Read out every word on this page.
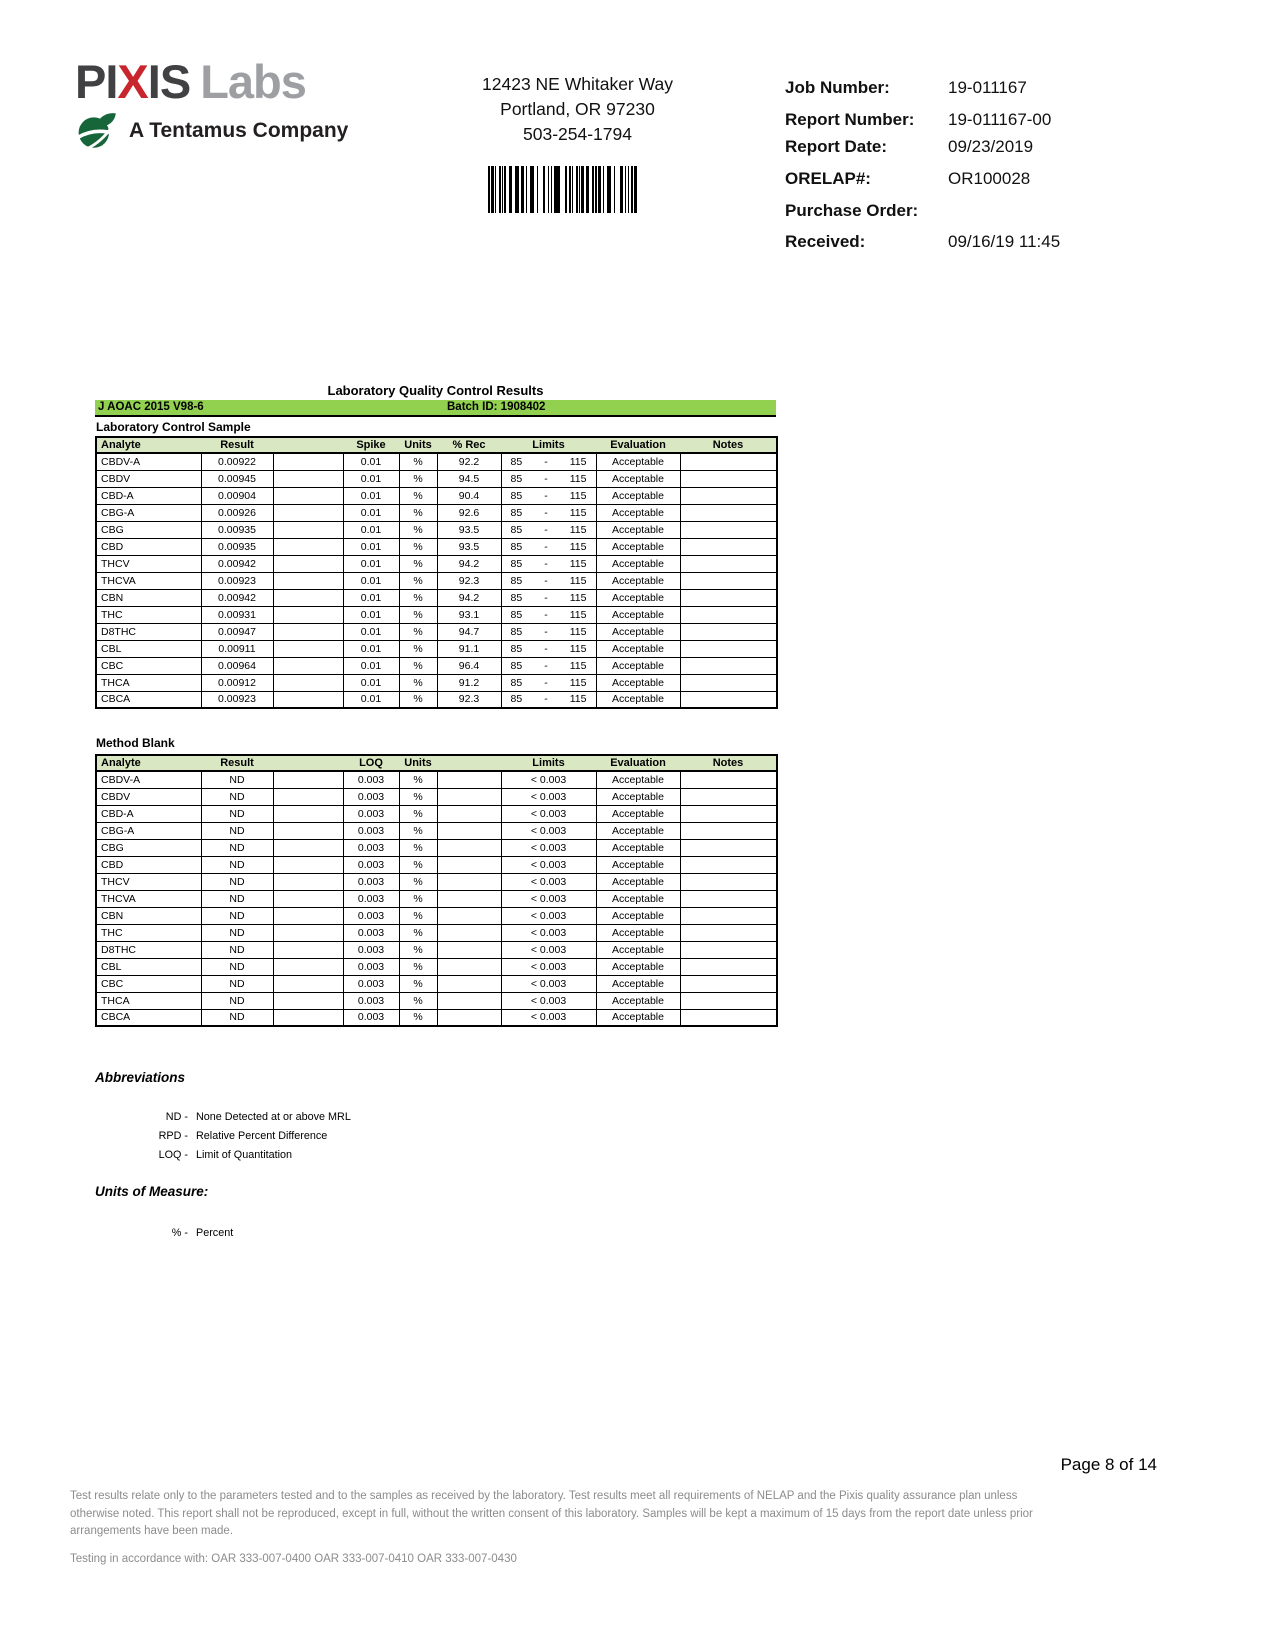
PIXIS Labs
A Tentamus Company
12423 NE Whitaker Way
Portland, OR 97230
503-254-1794
Job Number:	19-011167
Report Number:	19-011167-00
Report Date:	09/23/2019
ORELAP#:	OR100028
Purchase Order:
Received:	09/16/19 11:45
Laboratory Quality Control Results
J AOAC 2015 V98-6	Batch ID: 1908402
Laboratory Control Sample
Analyte	Result		Spike	Units	% Rec	Limits	Evaluation	Notes
CBDV-A	0.00922		0.01	%	92.2	85 - 115	Acceptable	
CBDV	0.00945		0.01	%	94.5	85 - 115	Acceptable	
CBD-A	0.00904		0.01	%	90.4	85 - 115	Acceptable	
CBG-A	0.00926		0.01	%	92.6	85 - 115	Acceptable	
CBG	0.00935		0.01	%	93.5	85 - 115	Acceptable	
CBD	0.00935		0.01	%	93.5	85 - 115	Acceptable	
THCV	0.00942		0.01	%	94.2	85 - 115	Acceptable	
THCVA	0.00923		0.01	%	92.3	85 - 115	Acceptable	
CBN	0.00942		0.01	%	94.2	85 - 115	Acceptable	
THC	0.00931		0.01	%	93.1	85 - 115	Acceptable	
D8THC	0.00947		0.01	%	94.7	85 - 115	Acceptable	
CBL	0.00911		0.01	%	91.1	85 - 115	Acceptable	
CBC	0.00964		0.01	%	96.4	85 - 115	Acceptable	
THCA	0.00912		0.01	%	91.2	85 - 115	Acceptable	
CBCA	0.00923		0.01	%	92.3	85 - 115	Acceptable	
Method Blank
Analyte	Result		LOQ	Units		Limits	Evaluation	Notes
CBDV-A	ND		0.003	%		< 0.003	Acceptable	
CBDV	ND		0.003	%		< 0.003	Acceptable	
CBD-A	ND		0.003	%		< 0.003	Acceptable	
CBG-A	ND		0.003	%		< 0.003	Acceptable	
CBG	ND		0.003	%		< 0.003	Acceptable	
CBD	ND		0.003	%		< 0.003	Acceptable	
THCV	ND		0.003	%		< 0.003	Acceptable	
THCVA	ND		0.003	%		< 0.003	Acceptable	
CBN	ND		0.003	%		< 0.003	Acceptable	
THC	ND		0.003	%		< 0.003	Acceptable	
D8THC	ND		0.003	%		< 0.003	Acceptable	
CBL	ND		0.003	%		< 0.003	Acceptable	
CBC	ND		0.003	%		< 0.003	Acceptable	
THCA	ND		0.003	%		< 0.003	Acceptable	
CBCA	ND		0.003	%		< 0.003	Acceptable	
Abbreviations
ND - None Detected at or above MRL
RPD - Relative Percent Difference
LOQ - Limit of Quantitation
Units of Measure:
% - Percent
Page 8 of 14
Test results relate only to the parameters tested and to the samples as received by the laboratory. Test results meet all requirements of NELAP and the Pixis quality assurance plan unless
otherwise noted. This report shall not be reproduced, except in full, without the written consent of this laboratory. Samples will be kept a maximum of 15 days from the report date unless prior
arrangements have been made.
Testing in accordance with: OAR 333-007-0400 OAR 333-007-0410 OAR 333-007-0430
